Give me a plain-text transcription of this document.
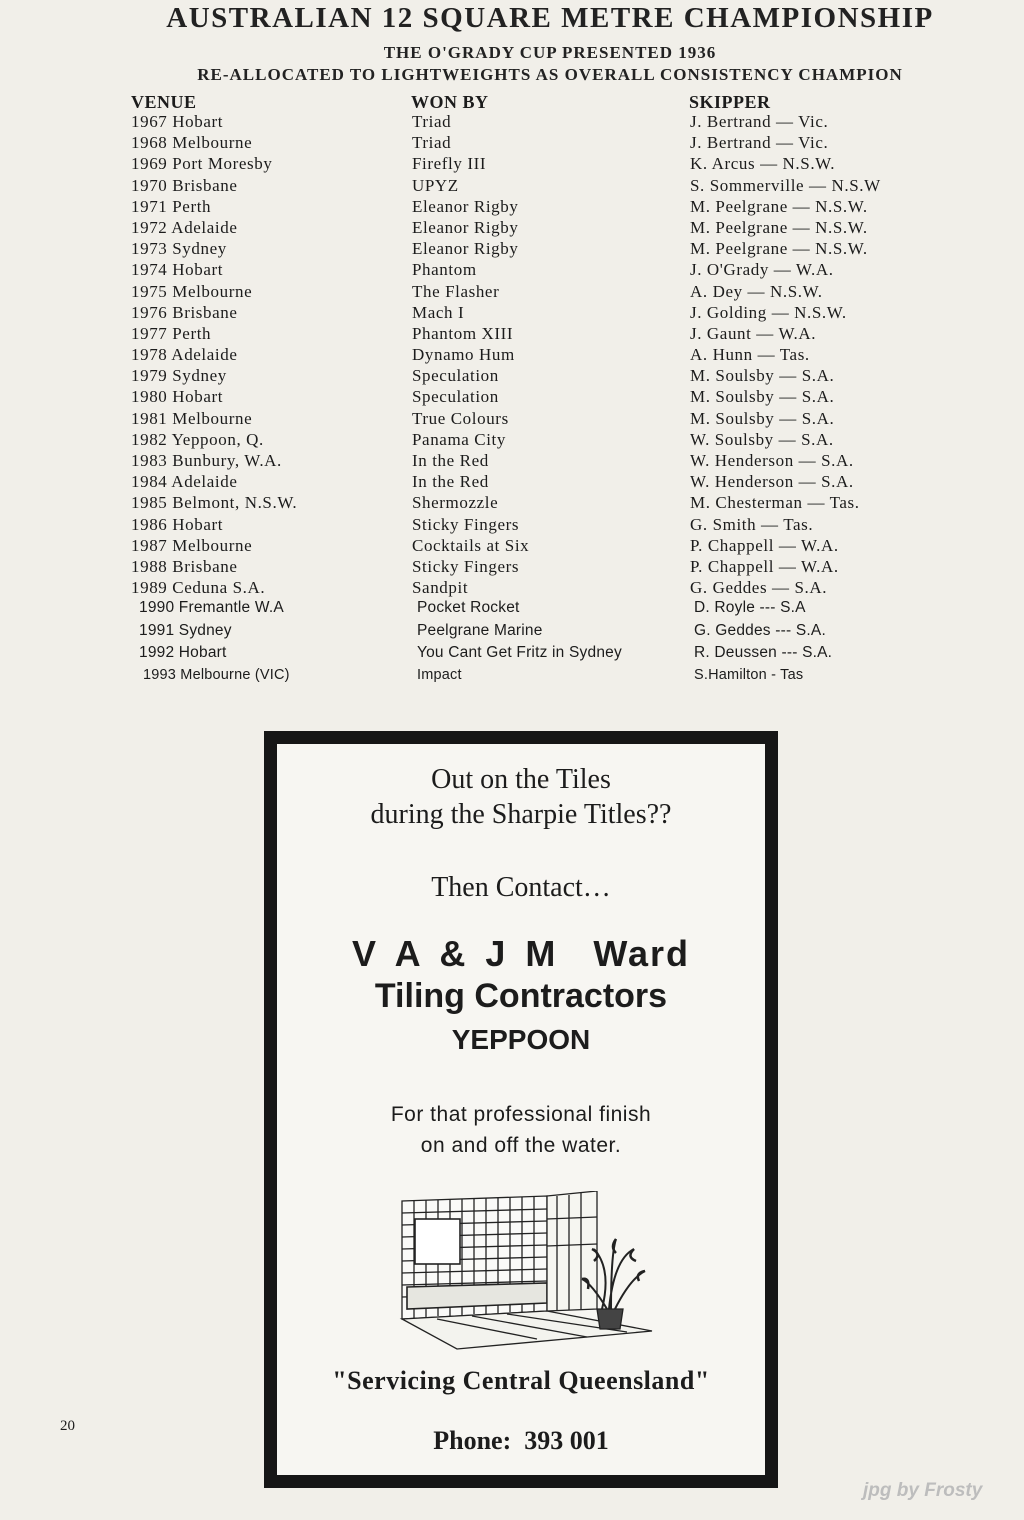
AUSTRALIAN 12 SQUARE METRE CHAMPIONSHIP
THE O'GRADY CUP PRESENTED 1936
RE-ALLOCATED TO LIGHTWEIGHTS AS OVERALL CONSISTENCY CHAMPION
VENUE	WON BY	SKIPPER
1967 Hobart	Triad	J. Bertrand — Vic.
1968 Melbourne	Triad	J. Bertrand — Vic.
1969 Port Moresby	Firefly III	K. Arcus — N.S.W.
1970 Brisbane	UPYZ	S. Sommerville — N.S.W
1971 Perth	Eleanor Rigby	M. Peelgrane — N.S.W.
1972 Adelaide	Eleanor Rigby	M. Peelgrane — N.S.W.
1973 Sydney	Eleanor Rigby	M. Peelgrane — N.S.W.
1974 Hobart	Phantom	J. O'Grady — W.A.
1975 Melbourne	The Flasher	A. Dey — N.S.W.
1976 Brisbane	Mach I	J. Golding — N.S.W.
1977 Perth	Phantom XIII	J. Gaunt — W.A.
1978 Adelaide	Dynamo Hum	A. Hunn — Tas.
1979 Sydney	Speculation	M. Soulsby — S.A.
1980 Hobart	Speculation	M. Soulsby — S.A.
1981 Melbourne	True Colours	M. Soulsby — S.A.
1982 Yeppoon, Q.	Panama City	W. Soulsby — S.A.
1983 Bunbury, W.A.	In the Red	W. Henderson — S.A.
1984 Adelaide	In the Red	W. Henderson — S.A.
1985 Belmont, N.S.W.	Shermozzle	M. Chesterman — Tas.
1986 Hobart	Sticky Fingers	G. Smith — Tas.
1987 Melbourne	Cocktails at Six	P. Chappell — W.A.
1988 Brisbane	Sticky Fingers	P. Chappell — W.A.
1989 Ceduna S.A.	Sandpit	G. Geddes — S.A.
1990 Fremantle W.A	Pocket Rocket	D. Royle --- S.A
1991 Sydney	Peelgrane Marine	G. Geddes --- S.A.
1992 Hobart	You Cant Get Fritz in Sydney	R. Deussen --- S.A.
1993 Melbourne (VIC)	Impact	S.Hamilton - Tas
Out on the Tiles
during the Sharpie Titles??
Then Contact…
V A & J M  Ward
Tiling Contractors
YEPPOON
For that professional finish
on and off the water.
"Servicing Central Queensland"
Phone:  393 001
20
jpg by Frosty
